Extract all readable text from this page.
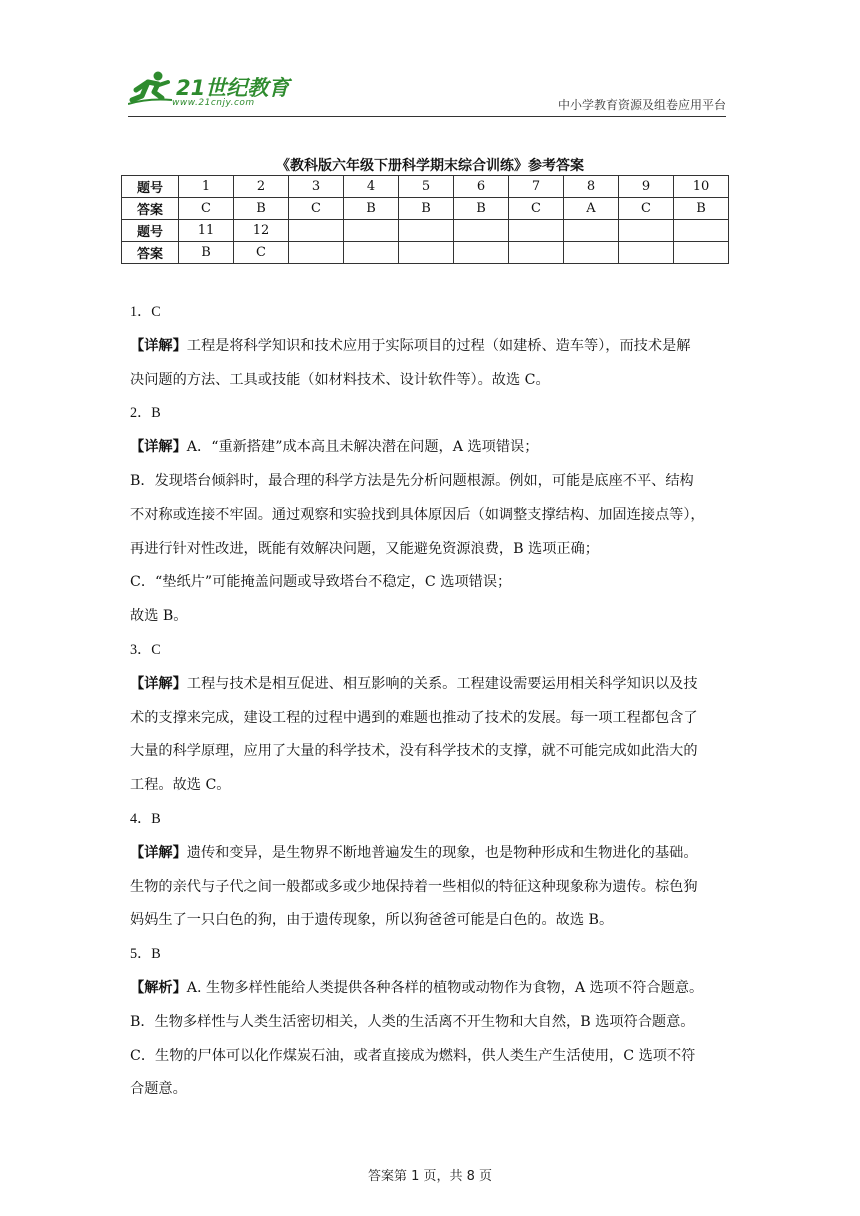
21世纪教育
www.21cnjy.com	中小学教育资源及组卷应用平台
《教科版六年级下册科学期末综合训练》参考答案
题号	1	2	3	4	5	6	7	8	9	10
答案	C	B	C	B	B	B	C	A	C	B
题号	11	12								
答案	B	C								

1．C

【详解】工程是将科学知识和技术应用于实际项目的过程（如建桥、造车等），而技术是解

决问题的方法、工具或技能（如材料技术、设计软件等）。故选 C。

2．B

【详解】A．“重新搭建”成本高且未解决潜在问题，A 选项错误；

B．发现塔台倾斜时，最合理的科学方法是先分析问题根源。例如，可能是底座不平、结构

不对称或连接不牢固。通过观察和实验找到具体原因后（如调整支撑结构、加固连接点等），

再进行针对性改进，既能有效解决问题，又能避免资源浪费，B 选项正确；

C．“垫纸片”可能掩盖问题或导致塔台不稳定，C 选项错误；

故选 B。

3．C

【详解】工程与技术是相互促进、相互影响的关系。工程建设需要运用相关科学知识以及技

术的支撑来完成，建设工程的过程中遇到的难题也推动了技术的发展。每一项工程都包含了

大量的科学原理，应用了大量的科学技术，没有科学技术的支撑，就不可能完成如此浩大的

工程。故选 C。

4．B

【详解】遗传和变异，是生物界不断地普遍发生的现象，也是物种形成和生物进化的基础。

生物的亲代与子代之间一般都或多或少地保持着一些相似的特征这种现象称为遗传。棕色狗

妈妈生了一只白色的狗，由于遗传现象，所以狗爸爸可能是白色的。故选 B。

5．B

【解析】A. 生物多样性能给人类提供各种各样的植物或动物作为食物，A 选项不符合题意。

B．生物多样性与人类生活密切相关，人类的生活离不开生物和大自然，B 选项符合题意。

C．生物的尸体可以化作煤炭石油，或者直接成为燃料，供人类生产生活使用，C 选项不符

合题意。

答案第 1 页，共 8 页
